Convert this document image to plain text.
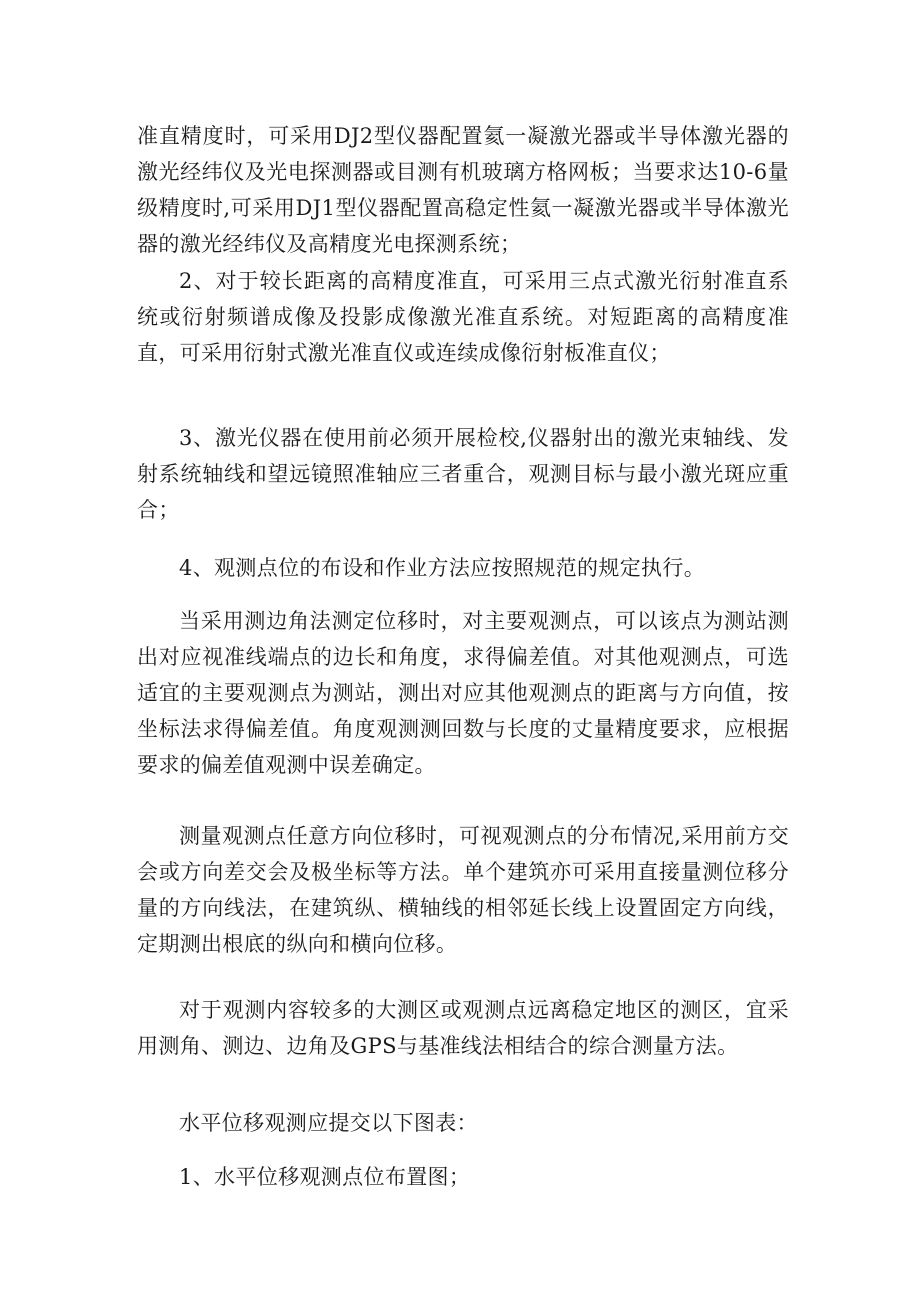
准直精度时，可采用DJ2型仪器配置氦一凝激光器或半导体激光器的激光经纬仪及光电探测器或目测有机玻璃方格网板；当要求达10-6量级精度时,可采用DJ1型仪器配置高稳定性氦一凝激光器或半导体激光器的激光经纬仪及高精度光电探测系统；

2、对于较长距离的高精度准直，可采用三点式激光衍射准直系统或衍射频谱成像及投影成像激光准直系统。对短距离的高精度准直，可采用衍射式激光准直仪或连续成像衍射板准直仪；

3、激光仪器在使用前必须开展检校,仪器射出的激光束轴线、发射系统轴线和望远镜照准轴应三者重合，观测目标与最小激光斑应重合；

4、观测点位的布设和作业方法应按照规范的规定执行。

当采用测边角法测定位移时，对主要观测点，可以该点为测站测出对应视准线端点的边长和角度，求得偏差值。对其他观测点，可选适宜的主要观测点为测站，测出对应其他观测点的距离与方向值，按坐标法求得偏差值。角度观测测回数与长度的丈量精度要求，应根据要求的偏差值观测中误差确定。

测量观测点任意方向位移时，可视观测点的分布情况,采用前方交会或方向差交会及极坐标等方法。单个建筑亦可采用直接量测位移分量的方向线法，在建筑纵、横轴线的相邻延长线上设置固定方向线，定期测出根底的纵向和横向位移。

对于观测内容较多的大测区或观测点远离稳定地区的测区，宜采用测角、测边、边角及GPS与基准线法相结合的综合测量方法。

水平位移观测应提交以下图表：

1、水平位移观测点位布置图；
